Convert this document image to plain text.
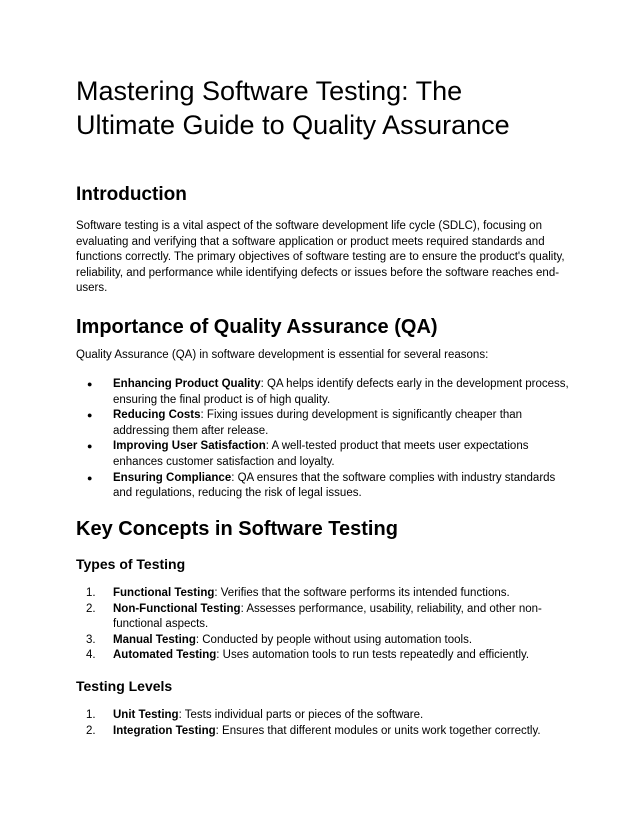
Mastering Software Testing: The
Ultimate Guide to Quality Assurance
Introduction

Software testing is a vital aspect of the software development life cycle (SDLC), focusing on evaluating and verifying that a software application or product meets required standards and functions correctly. The primary objectives of software testing are to ensure the product's quality, reliability, and performance while identifying defects or issues before the software reaches end-users.

Importance of Quality Assurance (QA)

Quality Assurance (QA) in software development is essential for several reasons:

●	Enhancing Product Quality: QA helps identify defects early in the development process, ensuring the final product is of high quality.
●	Reducing Costs: Fixing issues during development is significantly cheaper than addressing them after release.
●	Improving User Satisfaction: A well-tested product that meets user expectations enhances customer satisfaction and loyalty.
●	Ensuring Compliance: QA ensures that the software complies with industry standards and regulations, reducing the risk of legal issues.
Key Concepts in Software Testing
Types of Testing
1.	Functional Testing: Verifies that the software performs its intended functions.
2.	Non-Functional Testing: Assesses performance, usability, reliability, and other non-functional aspects.
3.	Manual Testing: Conducted by people without using automation tools.
4.	Automated Testing: Uses automation tools to run tests repeatedly and efficiently.
Testing Levels
1.	Unit Testing: Tests individual parts or pieces of the software.
2.	Integration Testing: Ensures that different modules or units work together correctly.
